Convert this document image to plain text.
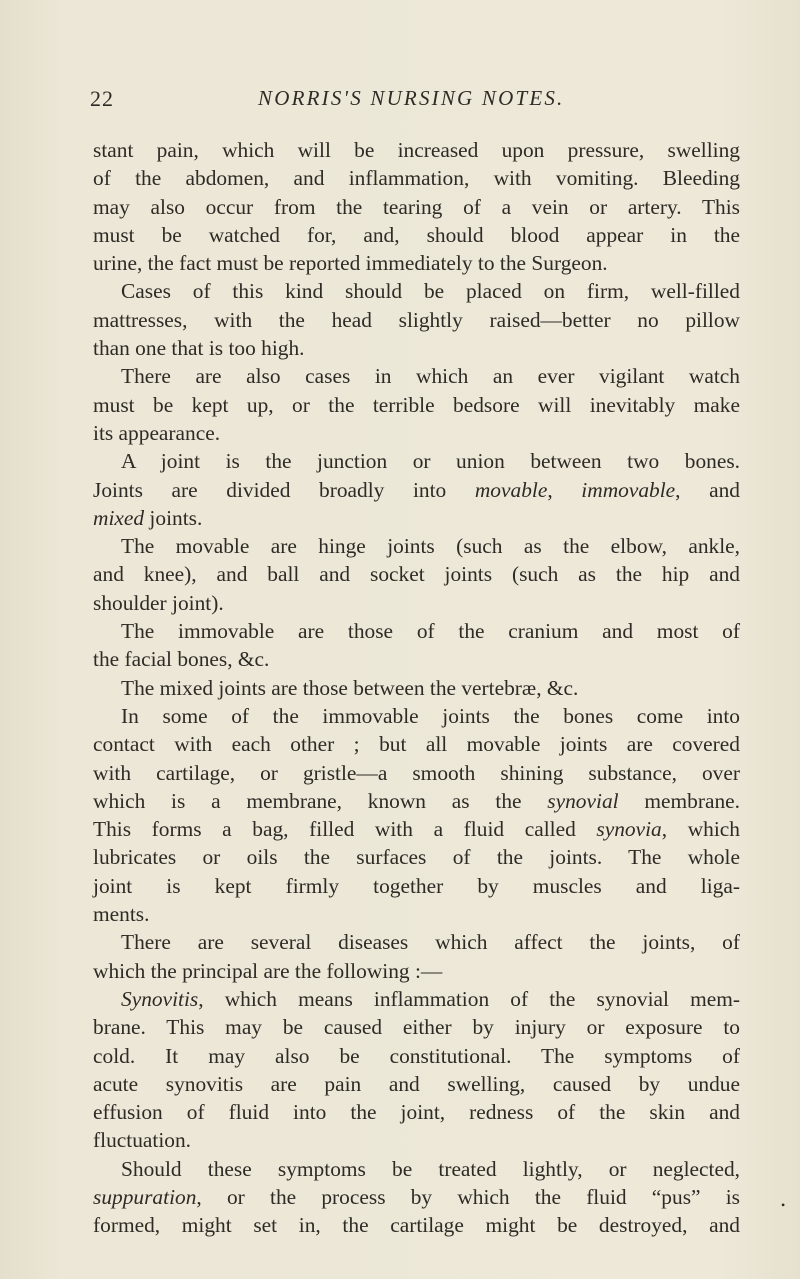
22	NORRIS'S NURSING NOTES.
stant pain, which will be increased upon pressure, swelling
of the abdomen, and inflammation, with vomiting. Bleeding
may also occur from the tearing of a vein or artery. This
must be watched for, and, should blood appear in the
urine, the fact must be reported immediately to the Surgeon.
Cases of this kind should be placed on firm, well-filled
mattresses, with the head slightly raised—better no pillow
than one that is too high.
There are also cases in which an ever vigilant watch
must be kept up, or the terrible bedsore will inevitably make
its appearance.
A joint is the junction or union between two bones.
Joints are divided broadly into movable, immovable, and
mixed joints.
The movable are hinge joints (such as the elbow, ankle,
and knee), and ball and socket joints (such as the hip and
shoulder joint).
The immovable are those of the cranium and most of
the facial bones, &c.
The mixed joints are those between the vertebræ, &c.
In some of the immovable joints the bones come into
contact with each other ; but all movable joints are covered
with cartilage, or gristle—a smooth shining substance, over
which is a membrane, known as the synovial membrane.
This forms a bag, filled with a fluid called synovia, which
lubricates or oils the surfaces of the joints. The whole
joint is kept firmly together by muscles and liga-
ments.
There are several diseases which affect the joints, of
which the principal are the following :—
Synovitis, which means inflammation of the synovial mem-
brane. This may be caused either by injury or exposure to
cold. It may also be constitutional. The symptoms of
acute synovitis are pain and swelling, caused by undue
effusion of fluid into the joint, redness of the skin and
fluctuation.
Should these symptoms be treated lightly, or neglected,
suppuration, or the process by which the fluid “pus” is
formed, might set in, the cartilage might be destroyed, and
•
